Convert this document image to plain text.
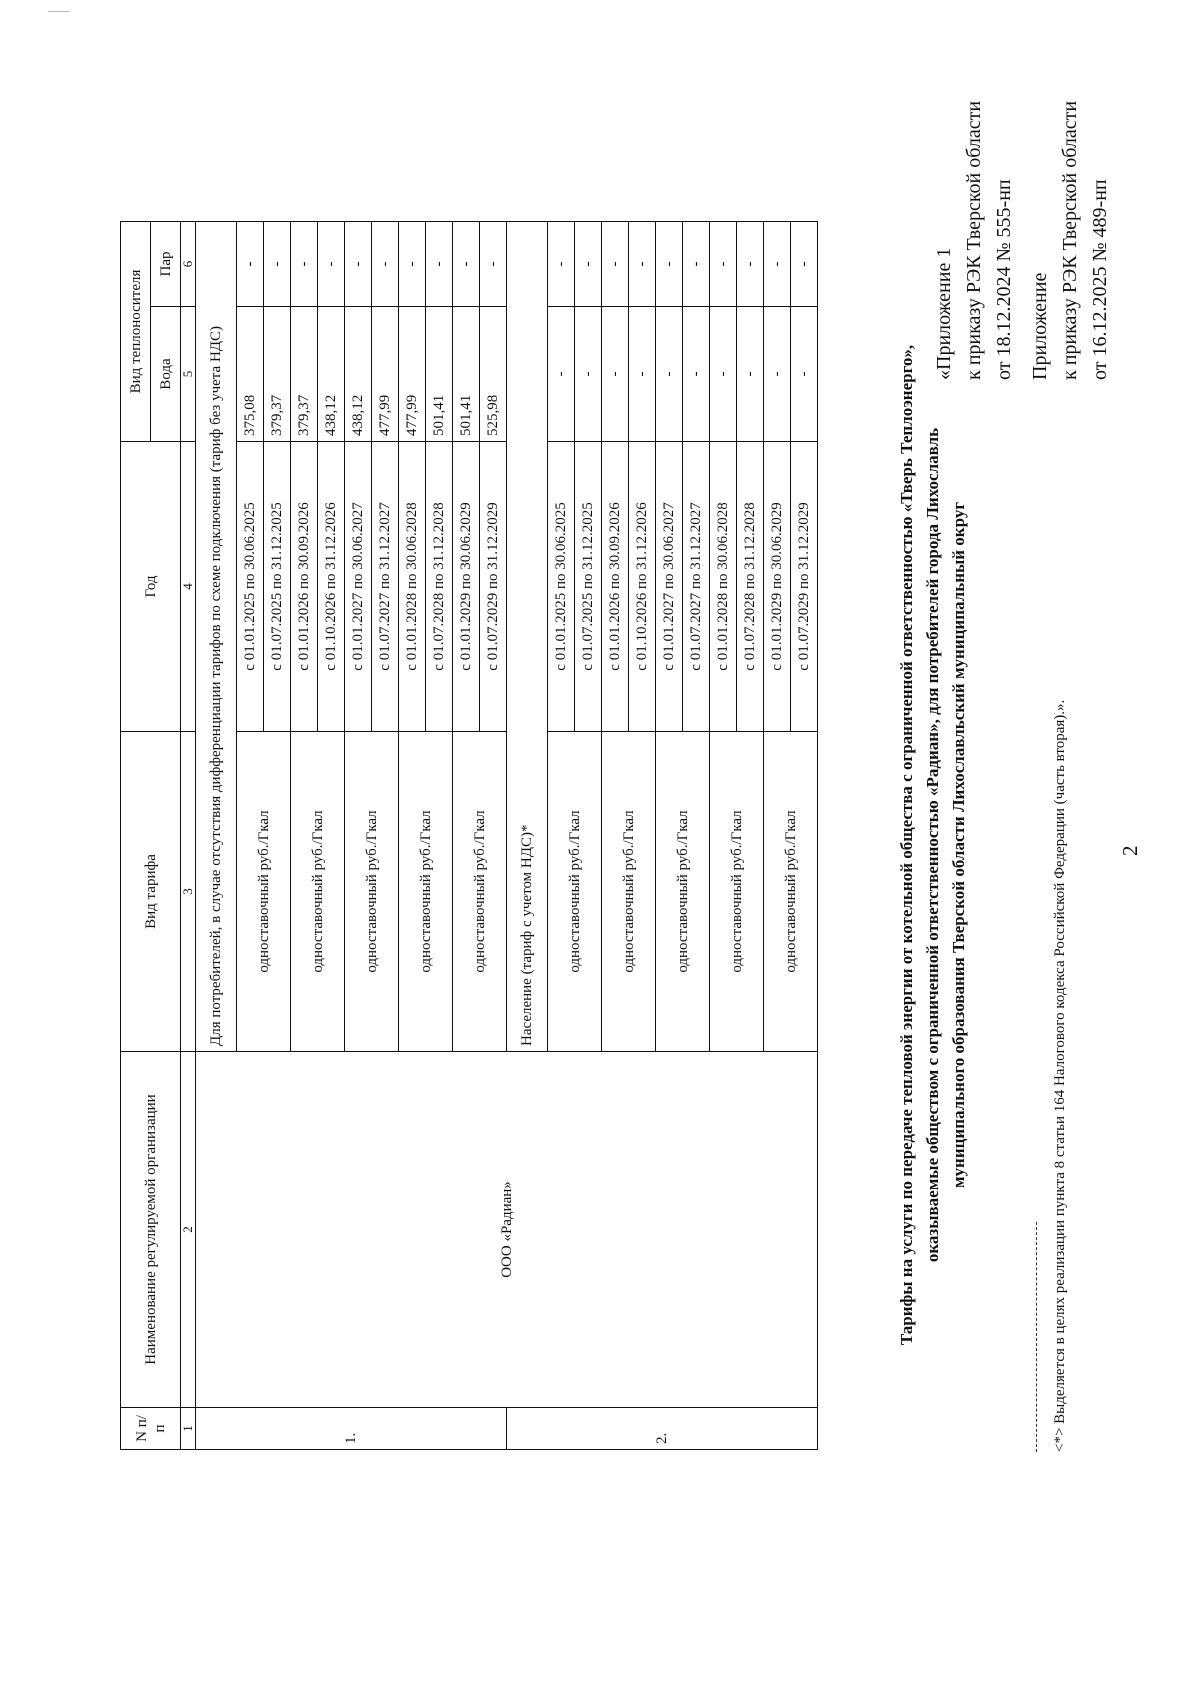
2
Приложение к приказу РЭК Тверской области от 16.12.2025 № 489-нп
«Приложение 1 к приказу РЭК Тверской области от 18.12.2024 № 555-нп
Тарифы на услуги по передаче тепловой энергии от котельной общества с ограниченной ответственностью «Тверь Теплоэнерго», оказываемые обществом с ограниченной ответственностью «Радиан», для потребителей города Лихославль муниципального образования Тверской области Лихославльский муниципальный округ
N п/п	Наименование регулируемой организации	Вид тарифа	Год	Вид теплоносителя	
				Вода	Пар
1	2	3	4	5	6
1.	ООО «Радиан»	Для потребителей, в случае отсутствия дифференциации тарифов по схеме подключения (тариф без учета НДС)			
		одноставочный руб./Гкал	с 01.01.2025 по 30.06.2025	375,08	-
			с 01.07.2025 по 31.12.2025	379,37	-
		одноставочный руб./Гкал	с 01.01.2026 по 30.09.2026	379,37	-
			с 01.10.2026 по 31.12.2026	438,12	-
		одноставочный руб./Гкал	с 01.01.2027 по 30.06.2027	438,12	-
			с 01.07.2027 по 31.12.2027	477,99	-
		одноставочный руб./Гкал	с 01.01.2028 по 30.06.2028	477,99	-
			с 01.07.2028 по 31.12.2028	501,41	-
		одноставочный руб./Гкал	с 01.01.2029 по 30.06.2029	501,41	-
			с 01.07.2029 по 31.12.2029	525,98	-
2.		Население (тариф с учетом НДС)*			
		одноставочный руб./Гкал	с 01.01.2025 по 30.06.2025	-	-
			с 01.07.2025 по 31.12.2025	-	-
		одноставочный руб./Гкал	с 01.01.2026 по 30.09.2026	-	-
			с 01.10.2026 по 31.12.2026	-	-
		одноставочный руб./Гкал	с 01.01.2027 по 30.06.2027	-	-
			с 01.07.2027 по 31.12.2027	-	-
		одноставочный руб./Гкал	с 01.01.2028 по 30.06.2028	-	-
			с 01.07.2028 по 31.12.2028	-	-
		одноставочный руб./Гкал	с 01.01.2029 по 30.06.2029	-	-
			с 01.07.2029 по 31.12.2029	-	-
<*> Выделяется в целях реализации пункта 8 статьи 164 Налогового кодекса Российской Федерации (часть вторая).».
